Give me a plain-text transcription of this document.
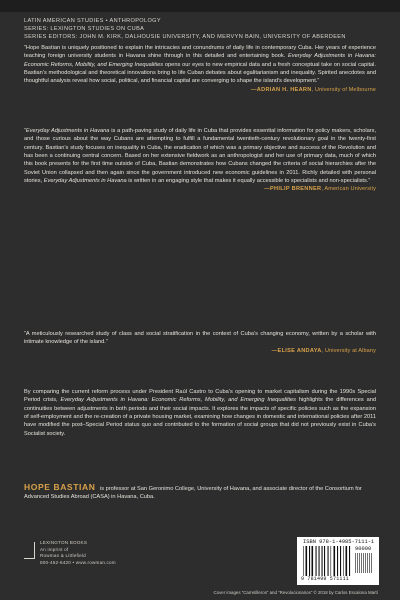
LATIN AMERICAN STUDIES • ANTHROPOLOGY
SERIES: LEXINGTON STUDIES ON CUBA
SERIES EDITORS: JOHN M. KIRK, DALHOUSIE UNIVERSITY, AND MERVYN BAIN, UNIVERSITY OF ABERDEEN
“Hope Bastian is uniquely positioned to explain the intricacies and conundrums of daily life in contemporary Cuba. Her years of experience teaching foreign university students in Havana shine through in this detailed and entertaining book. Everyday Adjustments in Havana: Economic Reforms, Mobility, and Emerging Inequalities opens our eyes to new empirical data and a fresh conceptual take on social capital. Bastian’s methodological and theoretical innovations bring to life Cuban debates about egalitarianism and inequality. Spirited anecdotes and thoughtful analysis reveal how social, political, and financial capital are converging to shape the island’s development.”
—ADRIAN H. HEARN, University of Melbourne
“Everyday Adjustments in Havana is a path-paving study of daily life in Cuba that provides essential information for policy makers, scholars, and those curious about the way Cubans are attempting to fulfill a fundamental twentieth-century revolutionary goal in the twenty-first century. Bastian’s study focuses on inequality in Cuba, the eradication of which was a primary objective and success of the Revolution and has been a continuing central concern. Based on her extensive fieldwork as an anthropologist and her use of primary data, much of which this book presents for the first time outside of Cuba, Bastian demonstrates how Cubans changed the criteria of social hierarchies after the Soviet Union collapsed and then again since the government introduced new economic guidelines in 2011. Richly detailed with personal stories, Everyday Adjustments in Havana is written in an engaging style that makes it equally accessible to specialists and non-specialists.”
—PHILIP BRENNER, American University
“A meticulously researched study of class and social stratification in the context of Cuba’s changing economy, written by a scholar with intimate knowledge of the island.”
—ELISE ANDAYA, University at Albany
By comparing the current reform process under President Raúl Castro to Cuba’s opening to market capitalism during the 1990s Special Period crisis, Everyday Adjustments in Havana: Economic Reforms, Mobility, and Emerging Inequalities highlights the differences and continuities between adjustments in both periods and their social impacts. It explores the impacts of specific policies such as the expansion of self-employment and the re-creation of a private housing market, examining how changes in domestic and international policies after 2011 have modified the post–Special Period status quo and contributed to the formation of social groups that did not previously exist in Cuba’s Socialist society.
HOPE BASTIAN is professor at San Geronimo College, University of Havana, and associate director of the Consortium for Advanced Studies Abroad (CASA) in Havana, Cuba.
LEXINGTON BOOKS
An imprint of
Rowman & Littlefield
800-462-6420 • www.rowman.com
ISBN 978-1-4985-7111-1
90000
9 781498 571111
Cover images “Carretilleros” and “Revolucionarios” © 2018 by Carlos Escalona Martí
